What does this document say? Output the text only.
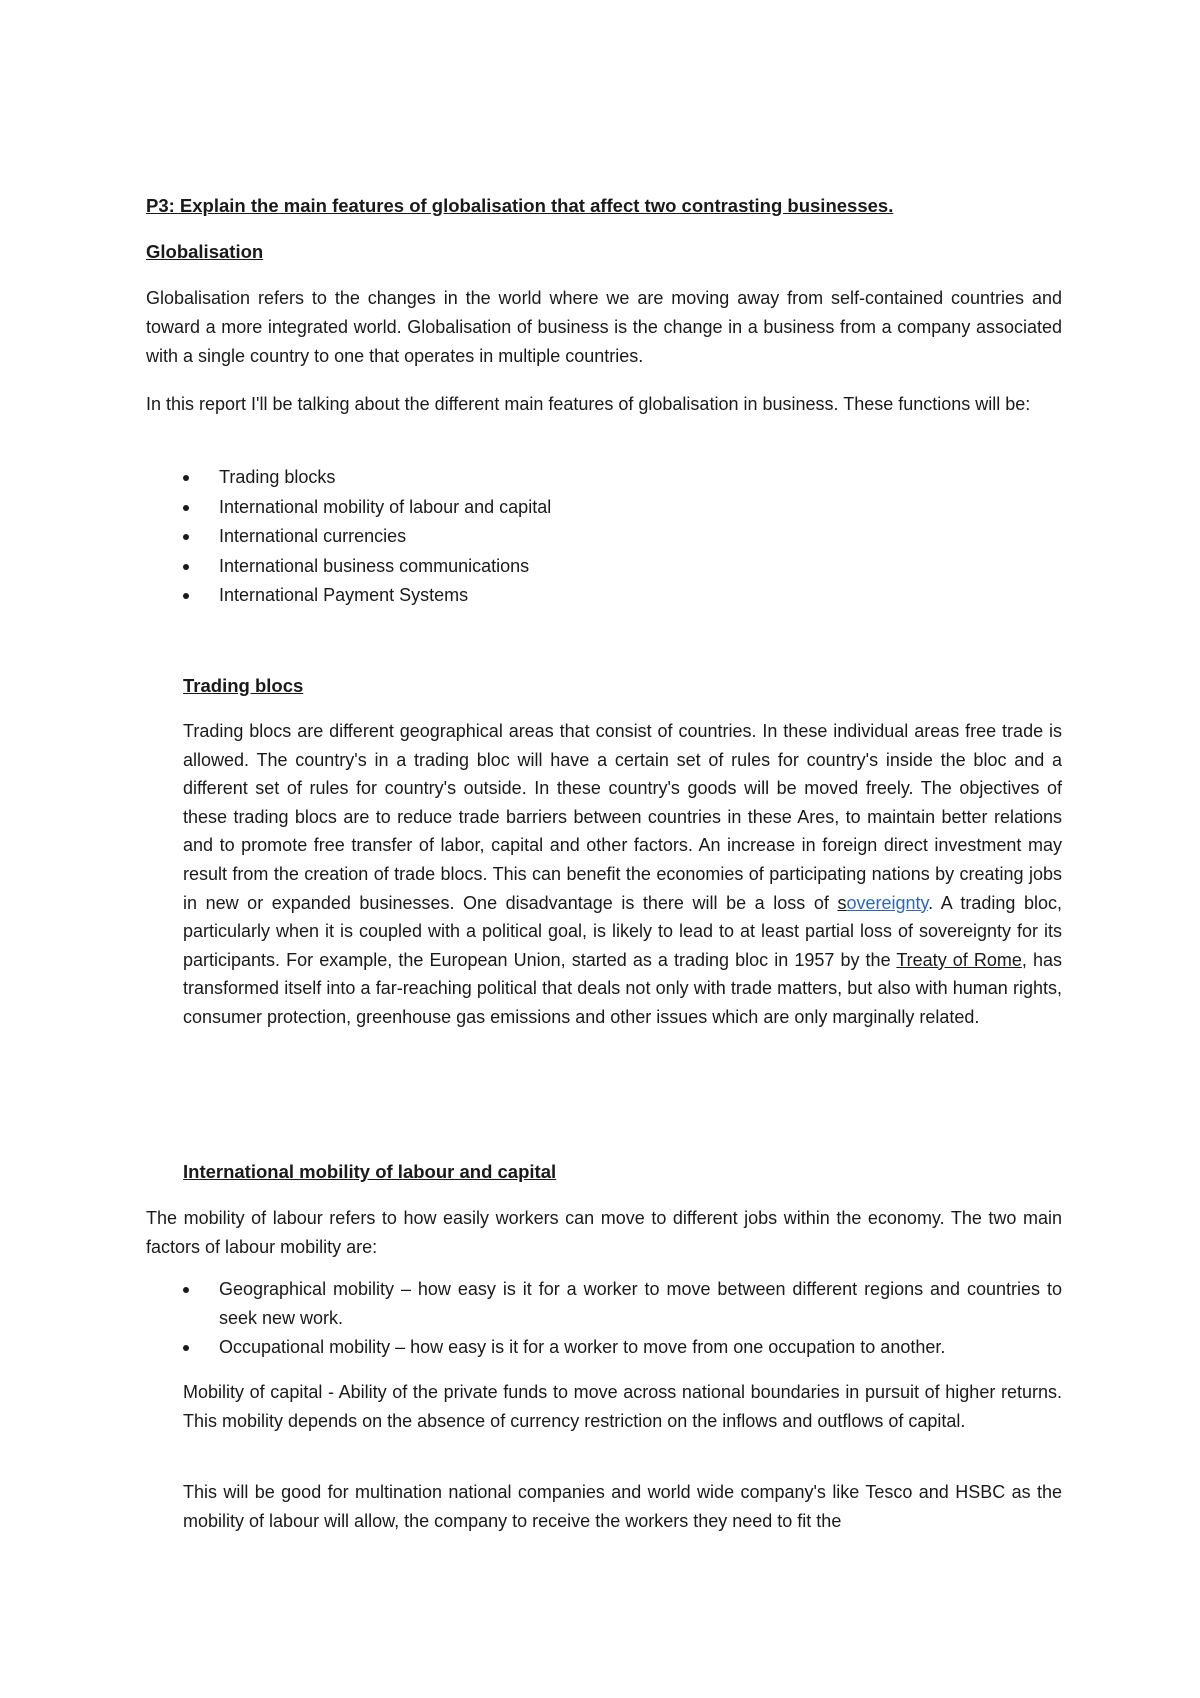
P3: Explain the main features of globalisation that affect two contrasting businesses.

Globalisation

Globalisation refers to the changes in the world where we are moving away from self-contained countries and toward a more integrated world. Globalisation of business is the change in a business from a company associated with a single country to one that operates in multiple countries.

In this report I'll be talking about the different main features of globalisation in business. These functions will be:

Trading blocks
International mobility of labour and capital
International currencies
International business communications
International Payment Systems

Trading blocs

Trading blocs are different geographical areas that consist of countries. In these individual areas free trade is allowed. The country's in a trading bloc will have a certain set of rules for country's inside the bloc and a different set of rules for country's outside. In these country's goods will be moved freely. The objectives of these trading blocs are to reduce trade barriers between countries in these Ares, to maintain better relations and to promote free transfer of labor, capital and other factors. An increase in foreign direct investment may result from the creation of trade blocs. This can benefit the economies of participating nations by creating jobs in new or expanded businesses. One disadvantage is there will be a loss of sovereignty. A trading bloc, particularly when it is coupled with a political goal, is likely to lead to at least partial loss of sovereignty for its participants. For example, the European Union, started as a trading bloc in 1957 by the Treaty of Rome, has transformed itself into a far-reaching political that deals not only with trade matters, but also with human rights, consumer protection, greenhouse gas emissions and other issues which are only marginally related.

International mobility of labour and capital

The mobility of labour refers to how easily workers can move to different jobs within the economy. The two main factors of labour mobility are:

Geographical mobility – how easy is it for a worker to move between different regions and countries to seek new work.
Occupational mobility – how easy is it for a worker to move from one occupation to another.

Mobility of capital - Ability of the private funds to move across national boundaries in pursuit of higher returns. This mobility depends on the absence of currency restriction on the inflows and outflows of capital.

This will be good for multination national companies and world wide company's like Tesco and HSBC as the mobility of labour will allow, the company to receive the workers they need to fit the
